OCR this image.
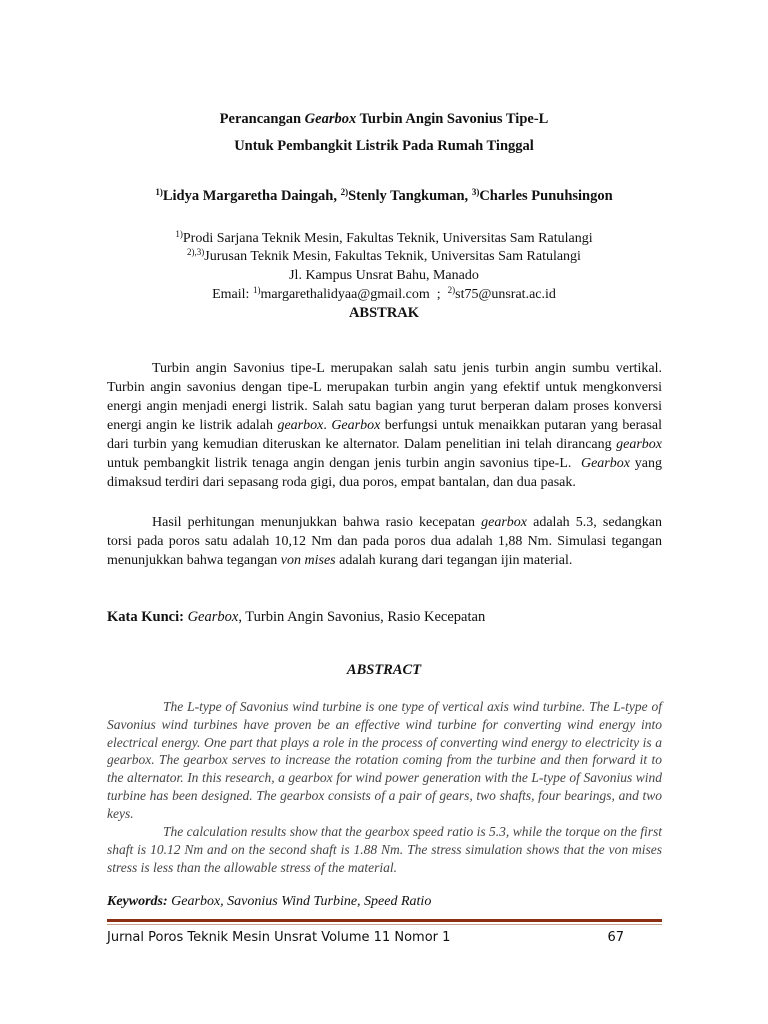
Perancangan Gearbox Turbin Angin Savonius Tipe-L
Untuk Pembangkit Listrik Pada Rumah Tinggal
$^{1)}$Lidya Margaretha Daingah, $^{2)}$Stenly Tangkuman, $^{3)}$Charles Punuhsingon
$^{1)}$Prodi Sarjana Teknik Mesin, Fakultas Teknik, Universitas Sam Ratulangi
$^{2),3)}$Jurusan Teknik Mesin, Fakultas Teknik, Universitas Sam Ratulangi
Jl. Kampus Unsrat Bahu, Manado
Email: $^{1)}$margarethalidyaa@gmail.com  ;  $^{2)}$st75@unsrat.ac.id
ABSTRAK

Turbin angin Savonius tipe-L merupakan salah satu jenis turbin angin sumbu vertikal. Turbin angin savonius dengan tipe-L merupakan turbin angin yang efektif untuk mengkonversi energi angin menjadi energi listrik. Salah satu bagian yang turut berperan dalam proses konversi energi angin ke listrik adalah gearbox. Gearbox berfungsi untuk menaikkan putaran yang berasal dari turbin yang kemudian diteruskan ke alternator. Dalam penelitian ini telah dirancang gearbox untuk pembangkit listrik tenaga angin dengan jenis turbin angin savonius tipe-L.  Gearbox yang dimaksud terdiri dari sepasang roda gigi, dua poros, empat bantalan, dan dua pasak.

Hasil perhitungan menunjukkan bahwa rasio kecepatan gearbox adalah 5.3, sedangkan torsi pada poros satu adalah 10,12 Nm dan pada poros dua adalah 1,88 Nm. Simulasi tegangan menunjukkan bahwa tegangan von mises adalah kurang dari tegangan ijin material.

Kata Kunci: Gearbox, Turbin Angin Savonius, Rasio Kecepatan
ABSTRACT

The L-type of Savonius wind turbine is one type of vertical axis wind turbine. The L-type of Savonius wind turbines have proven be an effective wind turbine for converting wind energy into electrical energy. One part that plays a role in the process of converting wind energy to electricity is a gearbox. The gearbox serves to increase the rotation coming from the turbine and then forward it to the alternator. In this research, a gearbox for wind power generation with the L-type of Savonius wind turbine has been designed. The gearbox consists of a pair of gears, two shafts, four bearings, and two keys.

The calculation results show that the gearbox speed ratio is 5.3, while the torque on the first shaft is 10.12 Nm and on the second shaft is 1.88 Nm. The stress simulation shows that the von mises stress is less than the allowable stress of the material.

Keywords: Gearbox, Savonius Wind Turbine, Speed Ratio
Jurnal Poros Teknik Mesin Unsrat Volume 11 Nomor 1	67
